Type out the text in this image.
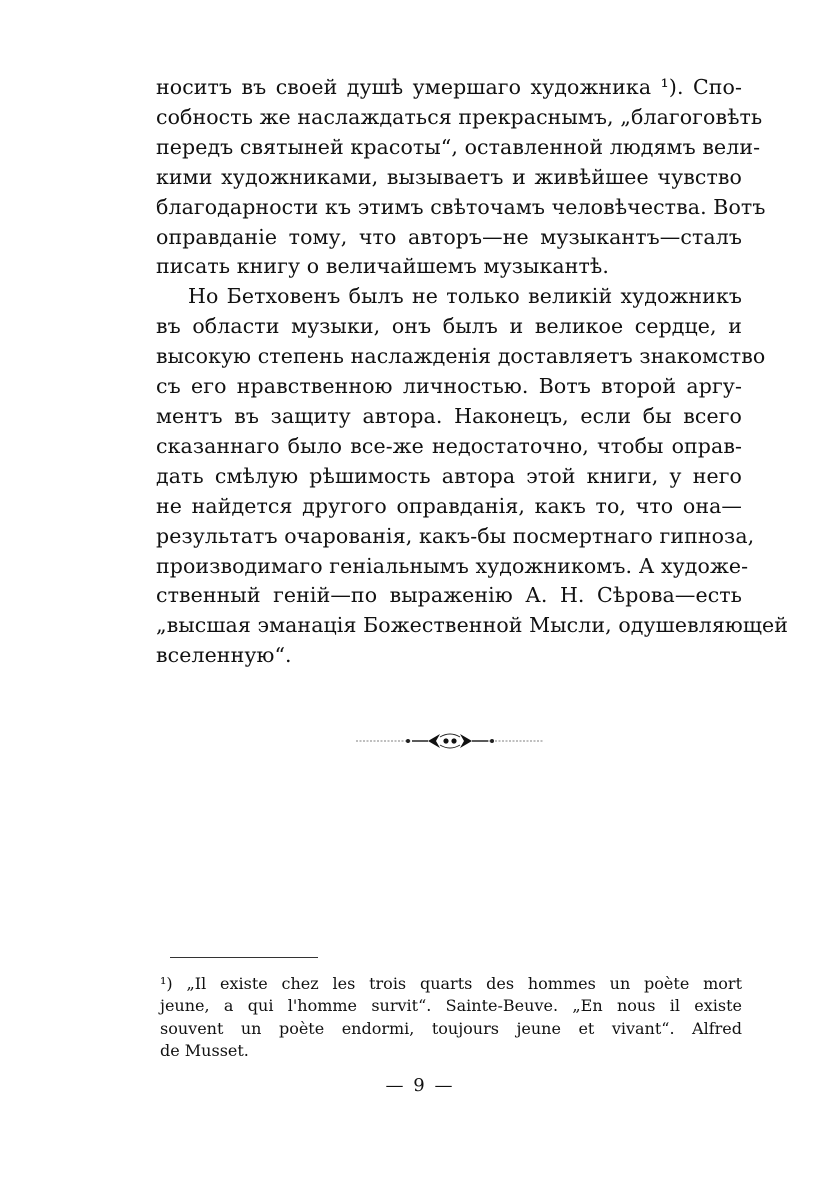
носитъ въ своей душѣ умершаго художника ¹). Спо-
собность же наслаждаться прекраснымъ, „благоговѣть
передъ святыней красоты“, оставленной людямъ вели-
кими художниками, вызываетъ и живѣйшее чувство
благодарности къ этимъ свѣточамъ человѣчества. Вотъ
оправданіе тому, что авторъ—не музыкантъ—сталъ
писать книгу о величайшемъ музыкантѣ.
Но Бетховенъ былъ не только великій художникъ
въ области музыки, онъ былъ и великое сердце, и
высокую степень наслажденія доставляетъ знакомство
съ его нравственною личностью. Вотъ второй аргу-
ментъ въ защиту автора. Наконецъ, если бы всего
сказаннаго было все-же недостаточно, чтобы оправ-
дать смѣлую рѣшимость автора этой книги, у него
не найдется другого оправданія, какъ то, что она—
результатъ очарованія, какъ-бы посмертнаго гипноза,
производимаго геніальнымъ художникомъ. А художе-
ственный геній—по выраженію А. Н. Сѣрова—есть
„высшая эманація Божественной Мысли, одушевляющей
вселенную“.
¹) „Il existe chez les trois quarts des hommes un poète mort
jeune, a qui l'homme survit“. Sainte-Beuve. „En nous il existe
souvent un poète endormi, toujours jeune et vivant“. Alfred
de Musset.
— 9 —
